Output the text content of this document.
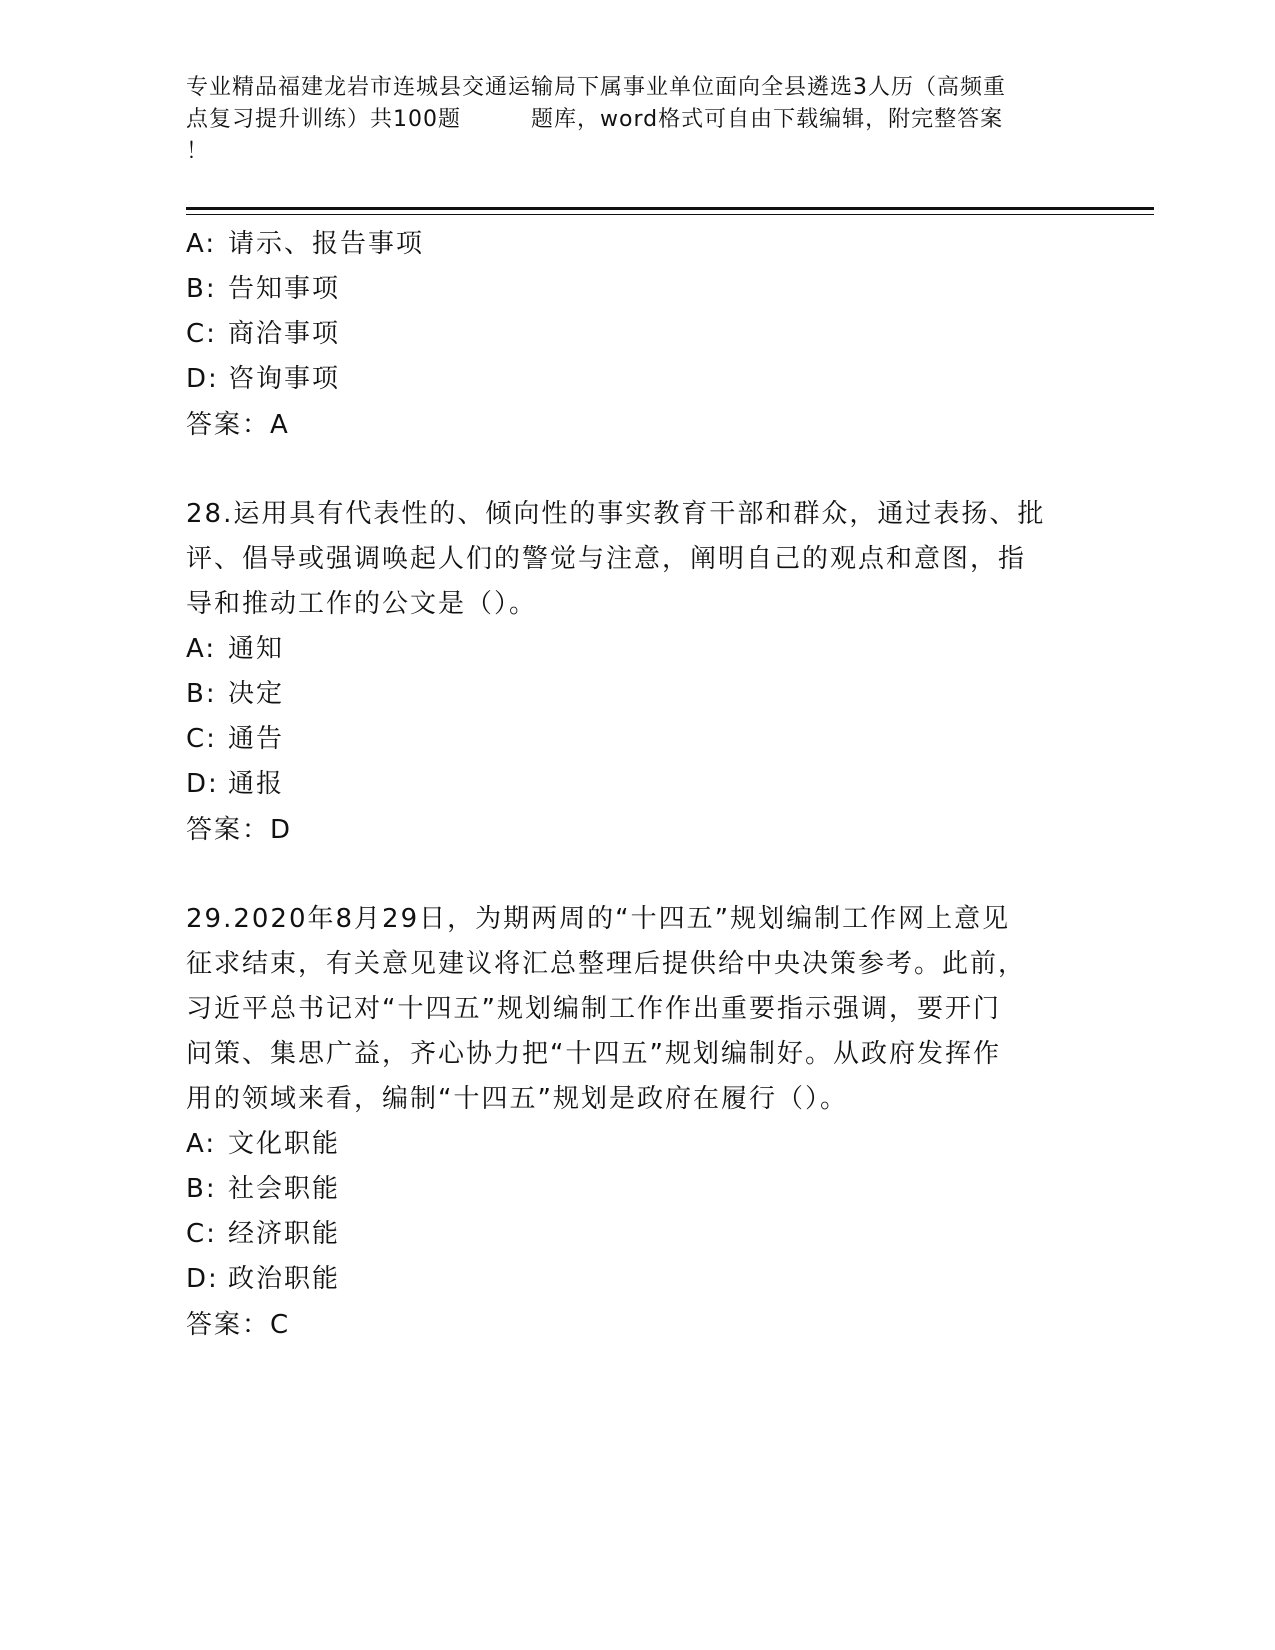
专业精品福建龙岩市连城县交通运输局下属事业单位面向全县遴选3人历（高频重
点复习提升训练）共100题	题库，word格式可自由下载编辑，附完整答案
！
A: 请示、报告事项
B: 告知事项
C: 商洽事项
D: 咨询事项
答案：A
28.运用具有代表性的、倾向性的事实教育干部和群众，通过表扬、批
评、倡导或强调唤起人们的警觉与注意，阐明自己的观点和意图，指
导和推动工作的公文是（）。
A: 通知
B: 决定
C: 通告
D: 通报
答案：D
29.2020年8月29日，为期两周的“十四五”规划编制工作网上意见
征求结束，有关意见建议将汇总整理后提供给中央决策参考。此前，
习近平总书记对“十四五”规划编制工作作出重要指示强调，要开门
问策、集思广益，齐心协力把“十四五”规划编制好。从政府发挥作
用的领域来看，编制“十四五”规划是政府在履行（）。
A: 文化职能
B: 社会职能
C: 经济职能
D: 政治职能
答案：C
